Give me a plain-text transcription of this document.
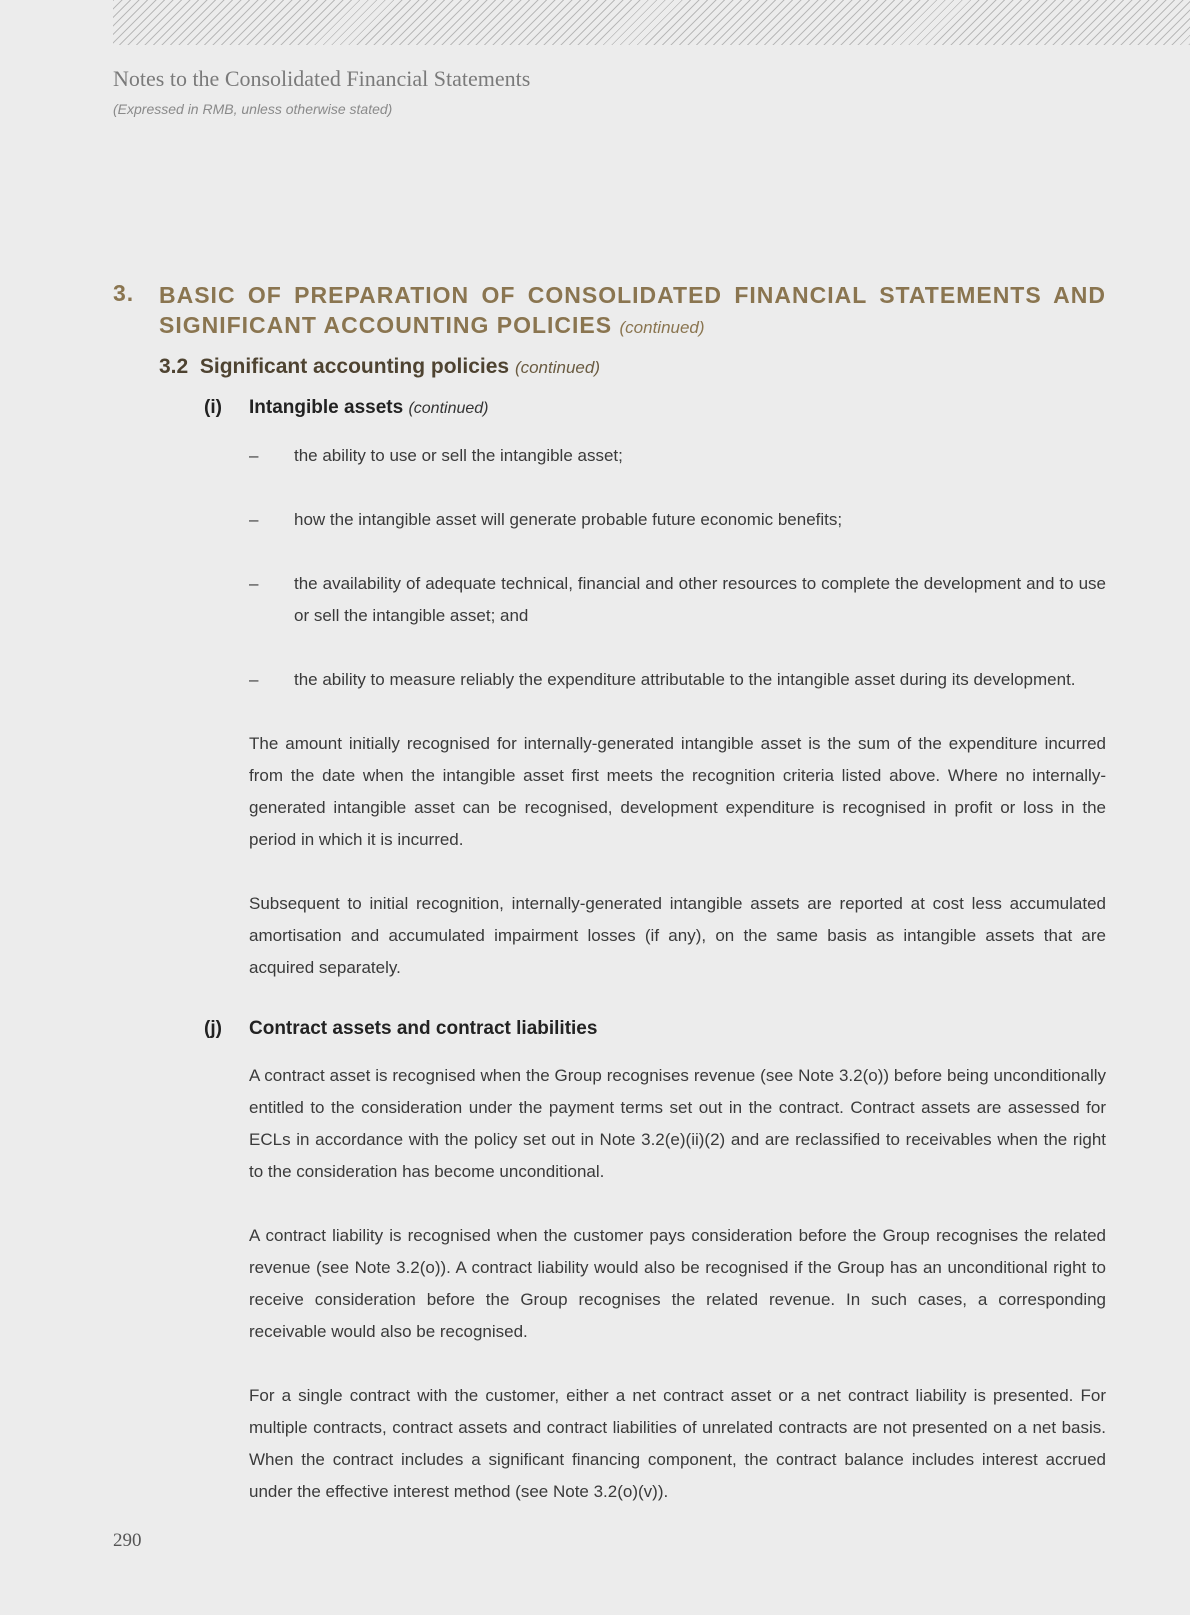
Notes to the Consolidated Financial Statements

(Expressed in RMB, unless otherwise stated)

3. BASIC OF PREPARATION OF CONSOLIDATED FINANCIAL STATEMENTS AND SIGNIFICANT ACCOUNTING POLICIES (continued)
3.2 Significant accounting policies (continued)
(i) Intangible assets (continued)
– the ability to use or sell the intangible asset;
– how the intangible asset will generate probable future economic benefits;
– the availability of adequate technical, financial and other resources to complete the development and to use or sell the intangible asset; and
– the ability to measure reliably the expenditure attributable to the intangible asset during its development.

The amount initially recognised for internally-generated intangible asset is the sum of the expenditure incurred from the date when the intangible asset first meets the recognition criteria listed above. Where no internally-generated intangible asset can be recognised, development expenditure is recognised in profit or loss in the period in which it is incurred.

Subsequent to initial recognition, internally-generated intangible assets are reported at cost less accumulated amortisation and accumulated impairment losses (if any), on the same basis as intangible assets that are acquired separately.

(j) Contract assets and contract liabilities

A contract asset is recognised when the Group recognises revenue (see Note 3.2(o)) before being unconditionally entitled to the consideration under the payment terms set out in the contract. Contract assets are assessed for ECLs in accordance with the policy set out in Note 3.2(e)(ii)(2) and are reclassified to receivables when the right to the consideration has become unconditional.

A contract liability is recognised when the customer pays consideration before the Group recognises the related revenue (see Note 3.2(o)). A contract liability would also be recognised if the Group has an unconditional right to receive consideration before the Group recognises the related revenue. In such cases, a corresponding receivable would also be recognised.

For a single contract with the customer, either a net contract asset or a net contract liability is presented. For multiple contracts, contract assets and contract liabilities of unrelated contracts are not presented on a net basis. When the contract includes a significant financing component, the contract balance includes interest accrued under the effective interest method (see Note 3.2(o)(v)).

290
